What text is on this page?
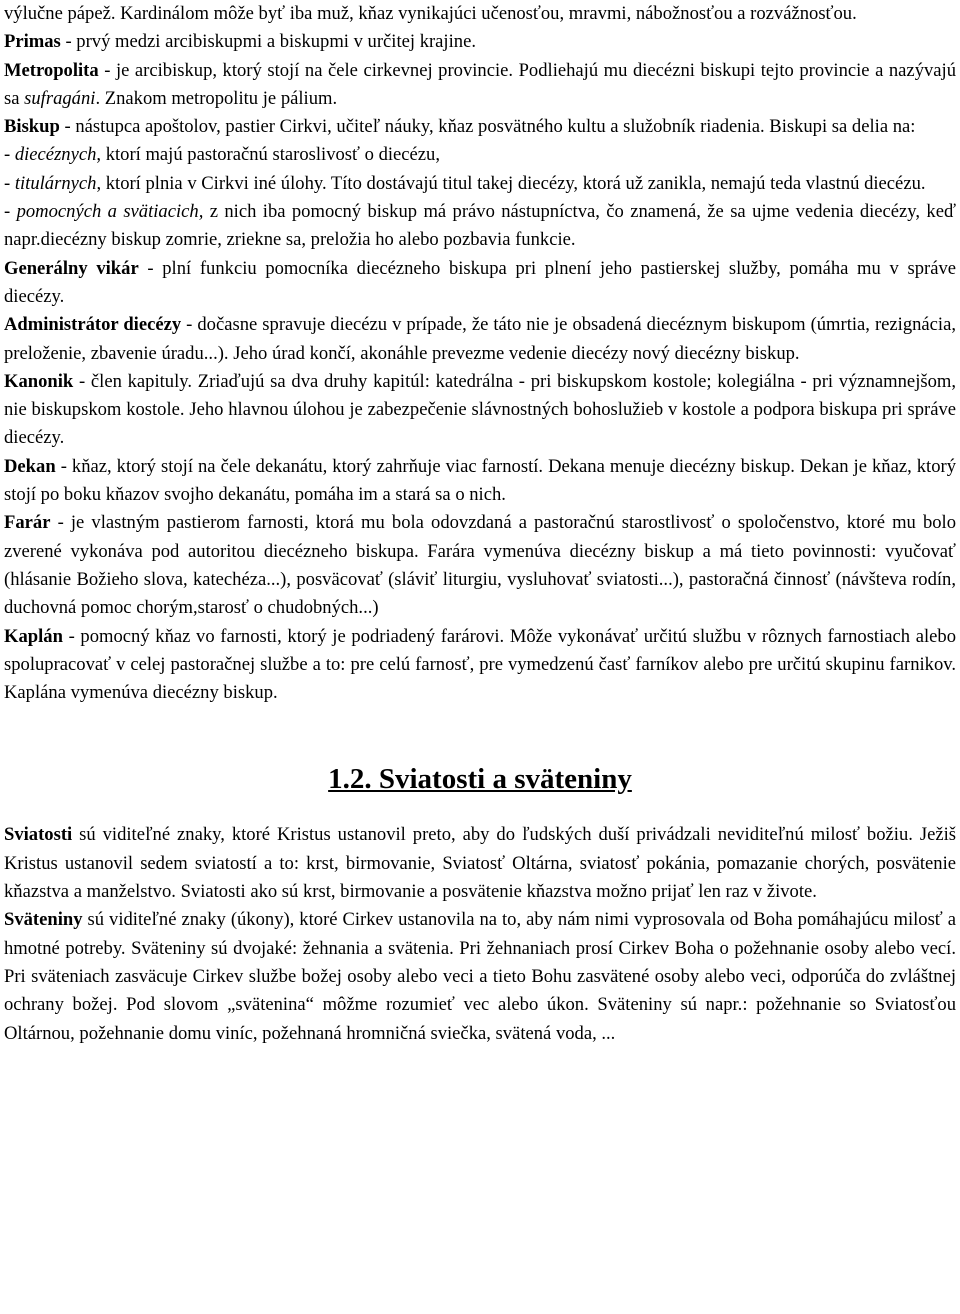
výlučne pápež. Kardinálom môže byť iba muž, kňaz vynikajúci učenosťou, mravmi, nábožnosťou a rozvážnosťou.

Primas - prvý medzi arcibiskupmi a biskupmi v určitej krajine.

Metropolita - je arcibiskup, ktorý stojí na čele cirkevnej provincie. Podliehajú mu diecézni biskupi tejto provincie a nazývajú sa sufragáni. Znakom metropolitu je pálium.

Biskup - nástupca apoštolov, pastier Cirkvi, učiteľ náuky, kňaz posvätného kultu a služobník riadenia. Biskupi sa delia na:

- diecéznych, ktorí majú pastoračnú staroslivosť o diecézu,

- titulárnych, ktorí plnia v Cirkvi iné úlohy. Títo dostávajú titul takej diecézy, ktorá už zanikla, nemajú teda vlastnú diecézu.

- pomocných a svätiacich, z nich iba pomocný biskup má právo nástupníctva, čo znamená, že sa ujme vedenia diecézy, keď napr.diecézny biskup zomrie, zriekne sa, preložia ho alebo pozbavia funkcie.

Generálny vikár - plní funkciu pomocníka diecézneho biskupa pri plnení jeho pastierskej služby, pomáha mu v správe diecézy.

Administrátor diecézy - dočasne spravuje diecézu v prípade, že táto nie je obsadená diecéznym biskupom (úmrtia, rezignácia, preloženie, zbavenie úradu...). Jeho úrad končí, akonáhle prevezme vedenie diecézy nový diecézny biskup.

Kanonik - člen kapituly. Zriaďujú sa dva druhy kapitúl: katedrálna - pri biskupskom kostole; kolegiálna - pri významnejšom, nie biskupskom kostole. Jeho hlavnou úlohou je zabezpečenie slávnostných bohoslužieb v kostole a podpora biskupa pri správe diecézy.

Dekan - kňaz, ktorý stojí na čele dekanátu, ktorý zahrňuje viac farností. Dekana menuje diecézny biskup. Dekan je kňaz, ktorý stojí po boku kňazov svojho dekanátu, pomáha im a stará sa o nich.

Farár - je vlastným pastierom farnosti, ktorá mu bola odovzdaná a pastoračnú starostlivosť o spoločenstvo, ktoré mu bolo zverené vykonáva pod autoritou diecézneho biskupa. Farára vymenúva diecézny biskup a má tieto povinnosti: vyučovať (hlásanie Božieho slova, katechéza...), posväcovať (sláviť liturgiu, vysluhovať sviatosti...), pastoračná činnosť (návšteva rodín, duchovná pomoc chorým,starosť o chudobných...)

Kaplán - pomocný kňaz vo farnosti, ktorý je podriadený farárovi. Môže vykonávať určitú službu v rôznych farnostiach alebo spolupracovať v celej pastoračnej službe a to: pre celú farnosť, pre vymedzenú časť farníkov alebo pre určitú skupinu farnikov. Kaplána vymenúva diecézny biskup.

1.2. Sviatosti a sväteniny

Sviatosti sú viditeľné znaky, ktoré Kristus ustanovil preto, aby do ľudských duší privádzali neviditeľnú milosť božiu. Ježiš Kristus ustanovil sedem sviatostí a to: krst, birmovanie, Sviatosť Oltárna, sviatosť pokánia, pomazanie chorých, posvätenie kňazstva a manželstvo. Sviatosti ako sú krst, birmovanie a posvätenie kňazstva možno prijať len raz v živote.

Sväteniny sú viditeľné znaky (úkony), ktoré Cirkev ustanovila na to, aby nám nimi vyprosovala od Boha pomáhajúcu milosť a hmotné potreby. Sväteniny sú dvojaké: žehnania a svätenia. Pri žehnaniach prosí Cirkev Boha o požehnanie osoby alebo vecí. Pri sväteniach zasväcuje Cirkev službe božej osoby alebo veci a tieto Bohu zasvätené osoby alebo veci, odporúča do zvláštnej ochrany božej. Pod slovom „svätenina“ môžme rozumieť vec alebo úkon. Sväteniny sú napr.: požehnanie so Sviatosťou Oltárnou, požehnanie domu viníc, požehnaná hromničná sviečka, svätená voda, ...
